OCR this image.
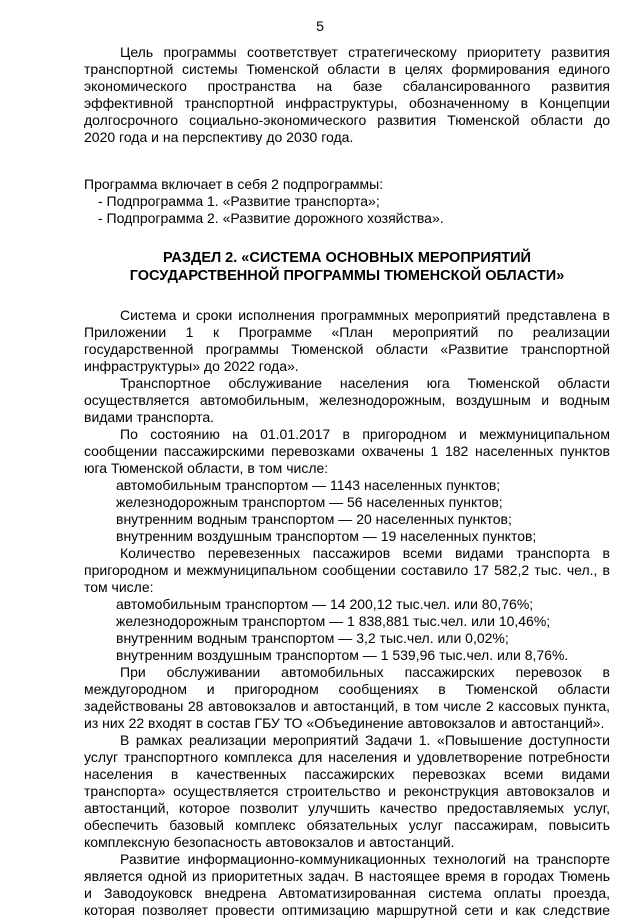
5

Цель программы соответствует стратегическому приоритету развития

транспортной системы Тюменской области в целях формирования единого

экономического пространства на базе сбалансированного развития

эффективной транспортной инфраструктуры, обозначенному в Концепции

долгосрочного социально-экономического развития Тюменской области до

2020 года и на перспективу до 2030 года.

Программа включает в себя 2 подпрограммы:

- Подпрограмма 1. «Развитие транспорта»;

- Подпрограмма 2. «Развитие дорожного хозяйства».

РАЗДЕЛ 2. «СИСТЕМА ОСНОВНЫХ МЕРОПРИЯТИЙ

ГОСУДАРСТВЕННОЙ ПРОГРАММЫ ТЮМЕНСКОЙ ОБЛАСТИ»

Система и сроки исполнения программных мероприятий представлена в

Приложении 1 к Программе «План мероприятий по реализации

государственной программы Тюменской области «Развитие транспортной

инфраструктуры» до 2022 года».

Транспортное обслуживание населения юга Тюменской области

осуществляется автомобильным, железнодорожным, воздушным и водным

видами транспорта.

По состоянию на 01.01.2017 в пригородном и межмуниципальном

сообщении пассажирскими перевозками охвачены 1 182 населенных пунктов

юга Тюменской области, в том числе:

автомобильным транспортом — 1143 населенных пунктов;

железнодорожным транспортом — 56 населенных пунктов;

внутренним водным транспортом — 20 населенных пунктов;

внутренним воздушным транспортом — 19 населенных пунктов;

Количество перевезенных пассажиров всеми видами транспорта в

пригородном и межмуниципальном сообщении составило 17 582,2 тыс. чел., в

том числе:

автомобильным транспортом — 14 200,12 тыс.чел. или 80,76%;

железнодорожным транспортом — 1 838,881 тыс.чел. или 10,46%;

внутренним водным транспортом — 3,2 тыс.чел. или 0,02%;

внутренним воздушным транспортом — 1 539,96 тыс.чел. или 8,76%.

При обслуживании автомобильных пассажирских перевозок в

междугородном и пригородном сообщениях в Тюменской области

задействованы 28 автовокзалов и автостанций, в том числе 2 кассовых пункта,

из них 22 входят в состав ГБУ ТО «Объединение автовокзалов и автостанций».

В рамках реализации мероприятий Задачи 1. «Повышение доступности

услуг транспортного комплекса для населения и удовлетворение потребности

населения в качественных пассажирских перевозках всеми видами

транспорта» осуществляется строительство и реконструкция автовокзалов и

автостанций, которое позволит улучшить качество предоставляемых услуг,

обеспечить базовый комплекс обязательных услуг пассажирам, повысить

комплексную безопасность автовокзалов и автостанций.

Развитие информационно-коммуникационных технологий на транспорте

является одной из приоритетных задач. В настоящее время в городах Тюмень

и Заводоуковск внедрена Автоматизированная система оплаты проезда,

которая позволяет провести оптимизацию маршрутной сети и как следствие
